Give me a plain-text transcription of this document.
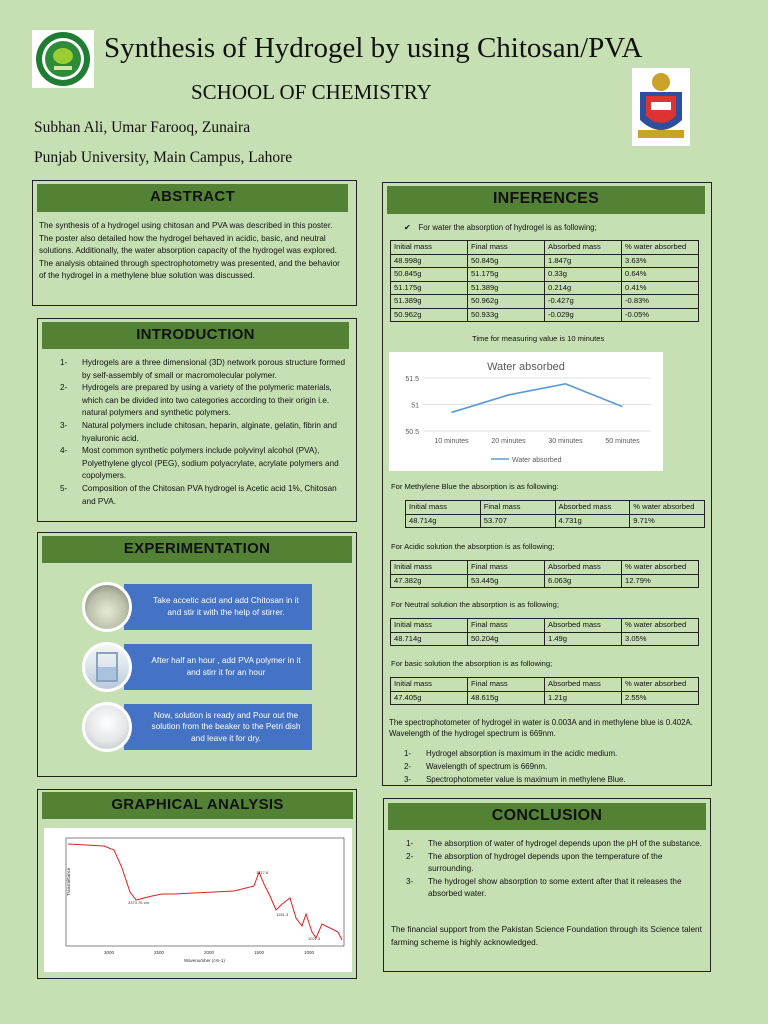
Synthesis of Hydrogel by using Chitosan/PVA
SCHOOL OF CHEMISTRY
Subhan Ali, Umar Farooq, Zunaira
Punjab University, Main Campus, Lahore
ABSTRACT
The synthesis of a hydrogel using chitosan and PVA was described in this poster. The poster also detailed how the hydrogel behaved in acidic, basic, and neutral solutions. Additionally, the water absorption capacity of the hydrogel was explored. The analysis obtained through spectrophotometry was presented, and the behavior of the hydrogel in a methylene blue solution was discussed.
INTRODUCTION
1-	Hydrogels are a three dimensional (3D) network porous structure formed by self-assembly of small or macromolecular polymer.
2-	Hydrogels are prepared by using a variety of the polymeric materials, which can be divided into two categories according to their origin i.e. natural polymers and synthetic polymers.
3-	Natural polymers include chitosan, heparin, alginate, gelatin, fibrin and hyaluronic acid.
4-	Most common synthetic polymers include polyvinyl alcohol (PVA), Polyethylene glycol (PEG), sodium polyacrylate, acrylate polymers and copolymers.
5-	Composition of the Chitosan PVA hydrogel is Acetic acid 1%, Chitosan and PVA.
EXPERIMENTATION
Take accetic acid and add Chitosan in it and stir it with the help of stirrer.
After half an hour , add PVA polymer in it and stirr it for an hour
Now, solution is ready and Pour out the solution from the beaker to the Petri dish and leave it for dry.
GRAPHICAL ANALYSIS
3373.76 cm
1717.8
1251.3
1021.5
3000	2500	2000	1500	1000
Wavenumber (cm-1)
Transmittance
INFERENCES
✔ For water the absorption of hydrogel is as following;
Initial mass	Final mass	Absorbed mass	% water absorbed
48.998g	50.845g	1.847g	3.63%
50.845g	51.175g	0.33g	0.64%
51.175g	51.389g	0.214g	0.41%
51.389g	50.962g	-0.427g	-0.83%
50.962g	50.933g	-0.029g	-0.05%
Time for measuring value is 10 minutes
Water absorbed
51.5
51
50.5
10 minutes	20 minutes	30 minutes	50 minutes
Water absorbed
For Methylene Blue the absorption is as following:
Initial mass	Final mass	Absorbed mass	% water absorbed
48.714g	53.707	4.731g	9.71%
For Acidic solution the absorption is as following;
Initial mass	Final mass	Absorbed mass	% water absorbed
47.382g	53.445g	6.063g	12.79%
For Neutral solution the absorption is as following;
Initial mass	Final mass	Absorbed mass	% water absorbed
48.714g	50.204g	1.49g	3.05%
For basic solution the absorption is as following;
Initial mass	Final mass	Absorbed mass	% water absorbed
47.405g	48.615g	1.21g	2.55%
The spectrophotometer of hydrogel in water is 0.003A and in methylene blue is 0.402A. Wavelength of the hydrogel spectrum is 669nm.
1-	Hydrogel absorption is maximum in the acidic medium.
2-	Wavelength of spectrum is 669nm.
3-	Spectrophotometer value is maximum in methylene Blue.
CONCLUSION
1-	The absorption of water of hydrogel depends upon the pH of the substance.
2-	The absorption of hydrogel depends upon the temperature of the surrounding.
3-	The hydrogel show absorption to some extent after that it releases the absorbed water.
The financial support from the Pakistan Science Foundation through its Science talent farming scheme is highly acknowledged.
